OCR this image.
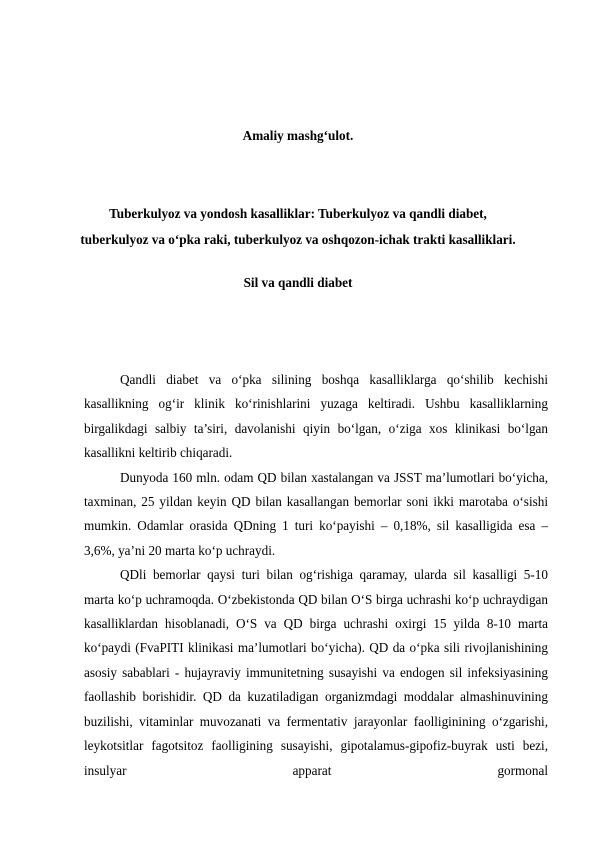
Amaliy mashg‘ulot.
Tuberkulyoz va yondosh kasalliklar: Tuberkulyoz va qandli diabet,
tuberkulyoz va o‘pka raki, tuberkulyoz va oshqozon-ichak trakti kasalliklari.
Sil va qandli diabet

Qandli diabet va o‘pka silining boshqa kasalliklarga qo‘shilib kechishi kasallikning og‘ir klinik ko‘rinishlarini yuzaga keltiradi. Ushbu kasalliklarning birgalikdagi salbiy ta’siri, davolanishi qiyin bo‘lgan, o‘ziga xos klinikasi bo‘lgan kasallikni keltirib chiqaradi.

Dunyoda 160 mln. odam QD bilan xastalangan va JSST ma’lumotlari bo‘yicha, taxminan, 25 yildan keyin QD bilan kasallangan bemorlar soni ikki marotaba o‘sishi mumkin. Odamlar orasida QDning 1 turi ko‘payishi – 0,18%, sil kasalligida esa – 3,6%, ya’ni 20 marta ko‘p uchraydi.

QDli bemorlar qaysi turi bilan og‘rishiga qaramay, ularda sil kasalligi 5-10 marta ko‘p uchramoqda. O‘zbekistonda QD bilan O‘S birga uchrashi ko‘p uchraydigan kasalliklardan hisoblanadi, O‘S va QD birga uchrashi oxirgi 15 yilda 8-10 marta ko‘paydi (FvaPITI klinikasi ma’lumotlari bo‘yicha). QD da o‘pka sili rivojlanishining asosiy sabablari - hujayraviy immunitetning susayishi va endogen sil infeksiyasining faollashib borishidir. QD da kuzatiladigan organizmdagi moddalar almashinuvining buzilishi, vitaminlar muvozanati va fermentativ jarayonlar faolliginining o‘zgarishi, leykotsitlar fagotsitoz faolligining susayishi, gipotalamus-gipofiz-buyrak usti bezi, insulyar apparat gormonal
